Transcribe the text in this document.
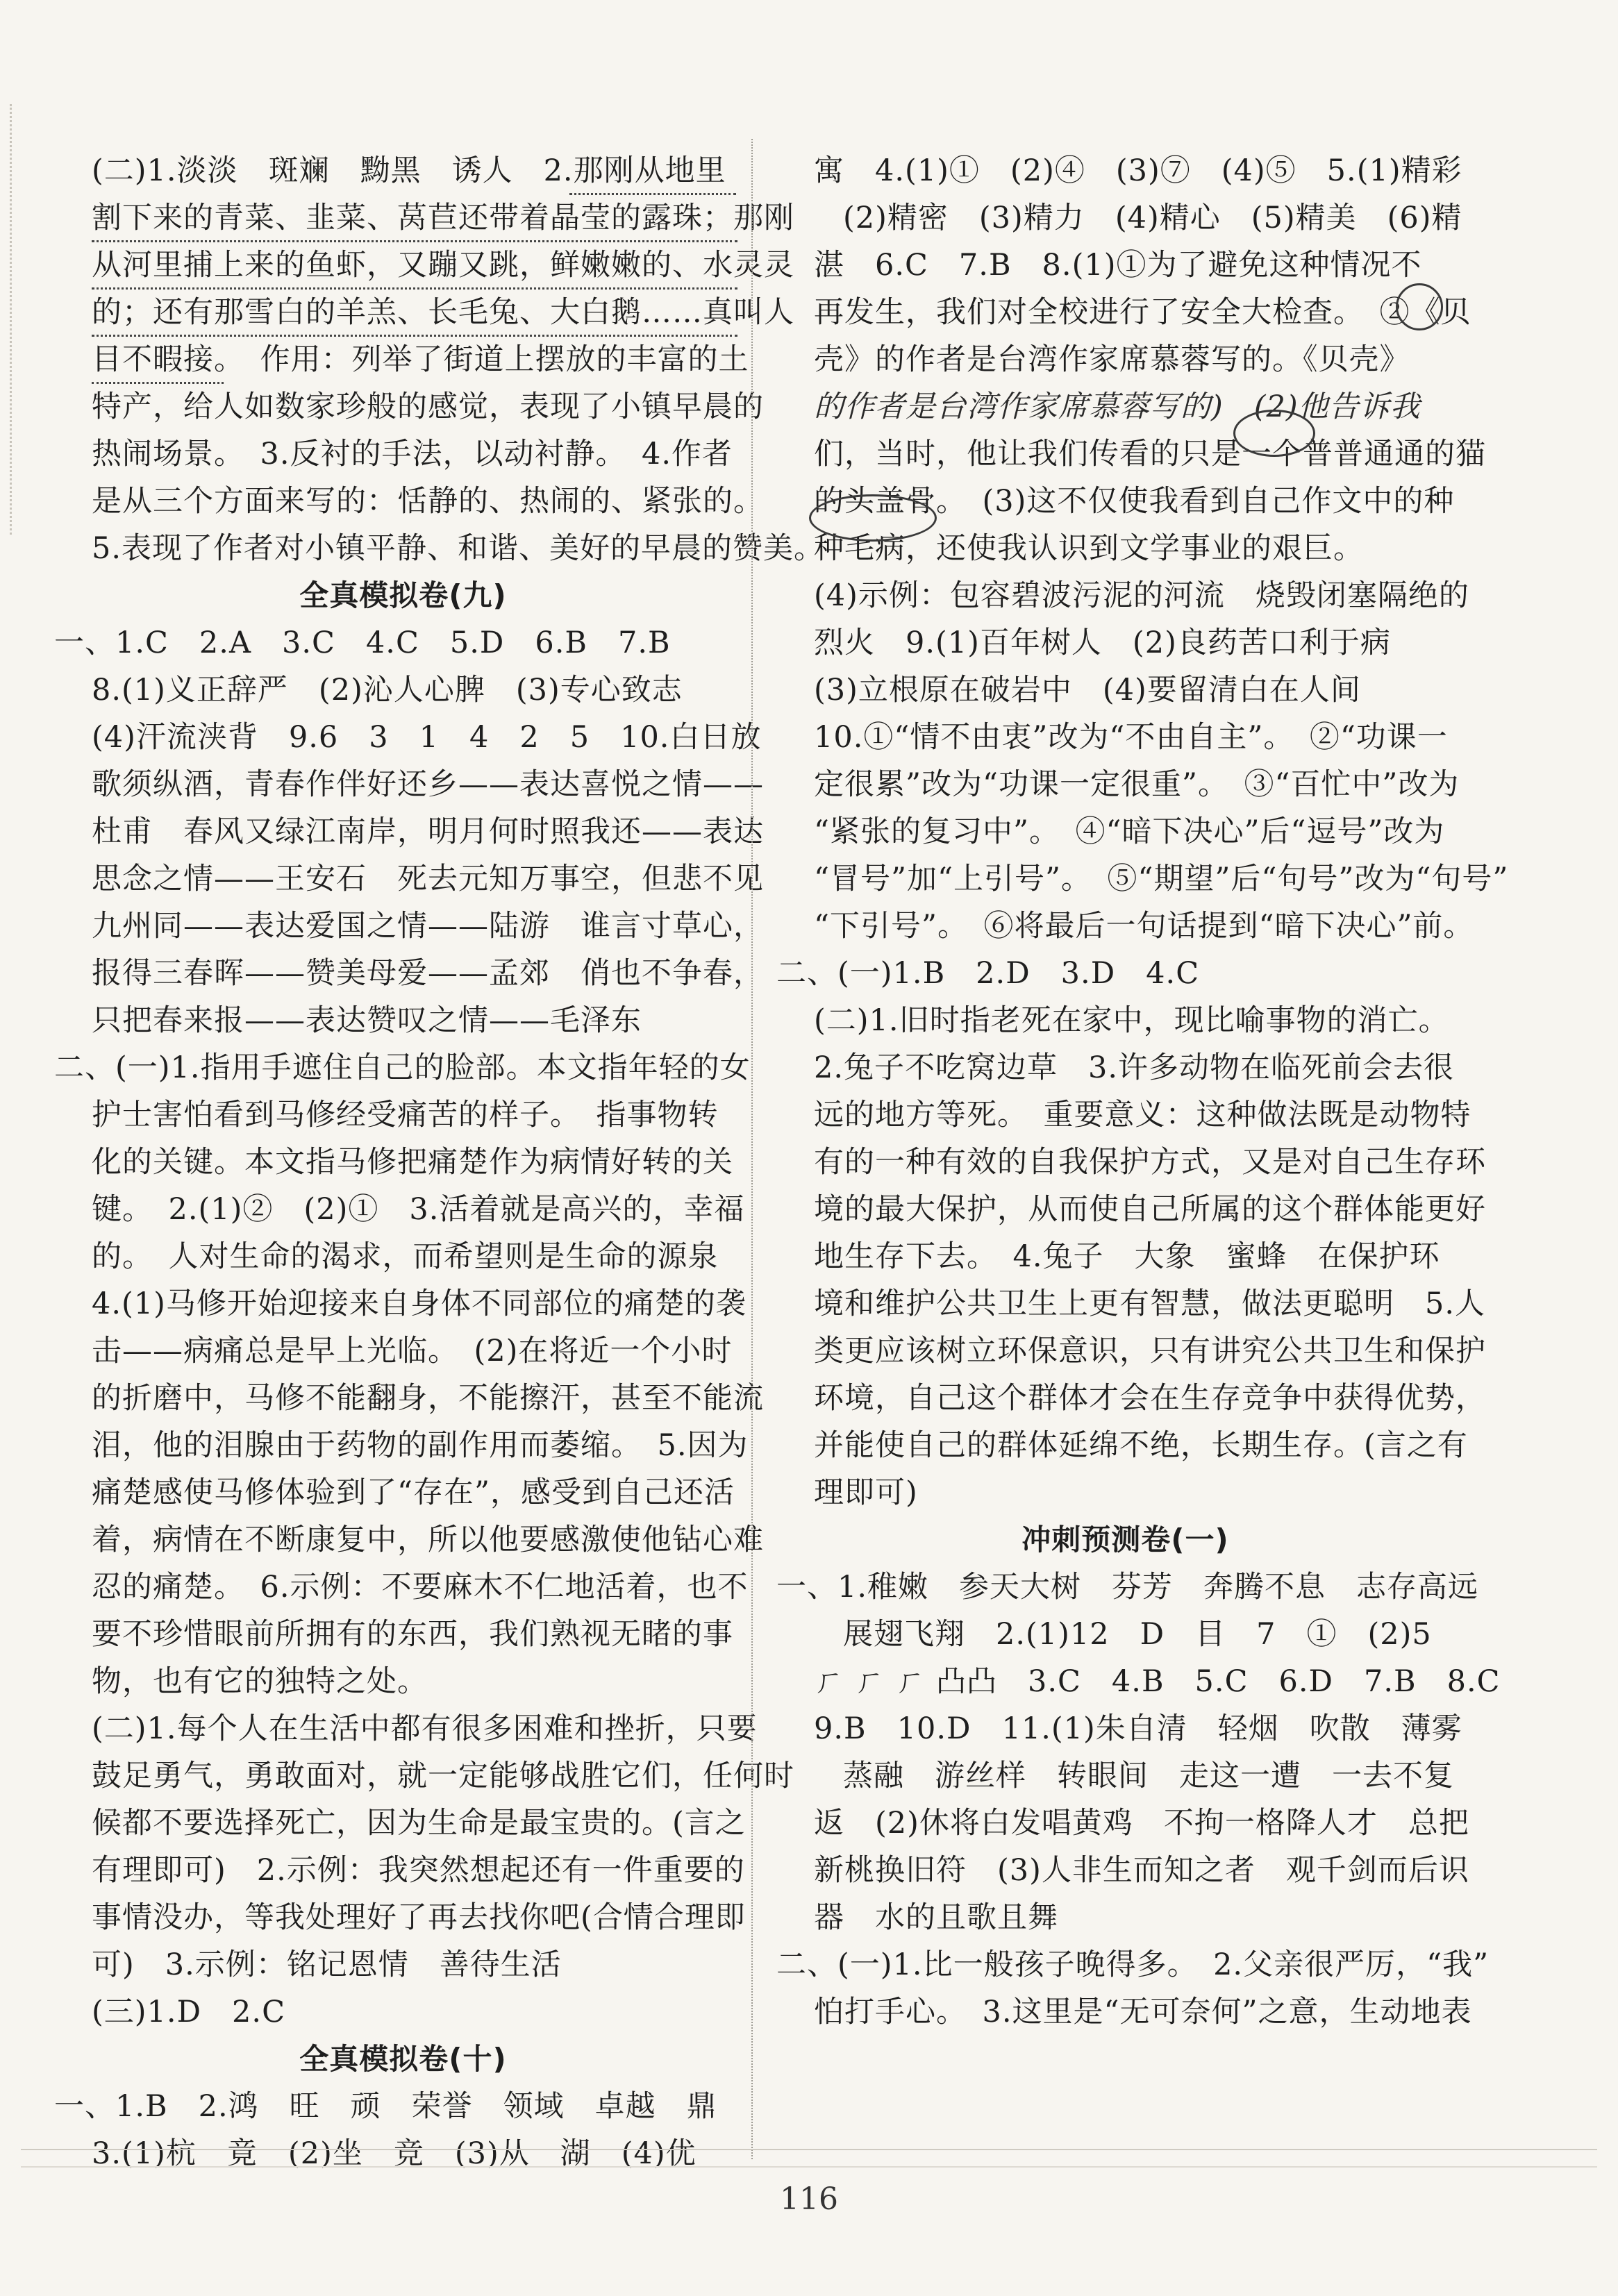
(二)1.淡淡　斑斓　黝黑　诱人　2.那刚从地里
割下来的青菜、韭菜、莴苣还带着晶莹的露珠；那刚
从河里捕上来的鱼虾，又蹦又跳，鲜嫩嫩的、水灵灵
的；还有那雪白的羊羔、长毛兔、大白鹅……真叫人
目不暇接。　作用：列举了街道上摆放的丰富的土
特产，给人如数家珍般的感觉，表现了小镇早晨的
热闹场景。　3.反衬的手法，以动衬静。　4.作者
是从三个方面来写的：恬静的、热闹的、紧张的。
5.表现了作者对小镇平静、和谐、美好的早晨的赞美。
全真模拟卷(九)
一、1.C　2.A　3.C　4.C　5.D　6.B　7.B
8.(1)义正辞严　(2)沁人心脾　(3)专心致志
(4)汗流浃背　9.6　3　1　4　2　5　10.白日放
歌须纵酒，青春作伴好还乡——表达喜悦之情——
杜甫　春风又绿江南岸，明月何时照我还——表达
思念之情——王安石　死去元知万事空，但悲不见
九州同——表达爱国之情——陆游　谁言寸草心，
报得三春晖——赞美母爱——孟郊　俏也不争春，
只把春来报——表达赞叹之情——毛泽东
二、(一)1.指用手遮住自己的脸部。本文指年轻的女
护士害怕看到马修经受痛苦的样子。　指事物转
化的关键。本文指马修把痛楚作为病情好转的关
键。　2.(1)②　(2)①　3.活着就是高兴的，幸福
的。　人对生命的渴求，而希望则是生命的源泉
4.(1)马修开始迎接来自身体不同部位的痛楚的袭
击——病痛总是早上光临。　(2)在将近一个小时
的折磨中，马修不能翻身，不能擦汗，甚至不能流
泪，他的泪腺由于药物的副作用而萎缩。　5.因为
痛楚感使马修体验到了“存在”，感受到自己还活
着，病情在不断康复中，所以他要感激使他钻心难
忍的痛楚。　6.示例：不要麻木不仁地活着，也不
要不珍惜眼前所拥有的东西，我们熟视无睹的事
物，也有它的独特之处。
(二)1.每个人在生活中都有很多困难和挫折，只要
鼓足勇气，勇敢面对，就一定能够战胜它们，任何时
候都不要选择死亡，因为生命是最宝贵的。(言之
有理即可)　2.示例：我突然想起还有一件重要的
事情没办，等我处理好了再去找你吧(合情合理即
可)　3.示例：铭记恩情　善待生活
(三)1.D　2.C
全真模拟卷(十)
一、1.B　2.鸿　旺　顽　荣誉　领域　卓越　鼎
3.(1)杭　竟　(2)坐　竞　(3)从　湖　(4)优
寓　4.(1)①　(2)④　(3)⑦　(4)⑤　5.(1)精彩
(2)精密　(3)精力　(4)精心　(5)精美　(6)精
湛　6.C　7.B　8.(1)①为了避免这种情况不
再发生，我们对全校进行了安全大检查。　②《贝
壳》的作者是台湾作家席慕蓉写的。《贝壳》
的作者是台湾作家席慕蓉写的)　(2)他告诉我
们，当时，他让我们传看的只是一个普普通通的猫
的头盖骨。　(3)这不仅使我看到自己作文中的种
种毛病，还使我认识到文学事业的艰巨。
(4)示例：包容碧波污泥的河流　烧毁闭塞隔绝的
烈火　9.(1)百年树人　(2)良药苦口利于病
(3)立根原在破岩中　(4)要留清白在人间
10.①“情不由衷”改为“不由自主”。　②“功课一
定很累”改为“功课一定很重”。　③“百忙中”改为
“紧张的复习中”。　④“暗下决心”后“逗号”改为
“冒号”加“上引号”。　⑤“期望”后“句号”改为“句号”
“下引号”。　⑥将最后一句话提到“暗下决心”前。
二、(一)1.B　2.D　3.D　4.C
(二)1.旧时指老死在家中，现比喻事物的消亡。
2.兔子不吃窝边草　3.许多动物在临死前会去很
远的地方等死。　重要意义：这种做法既是动物特
有的一种有效的自我保护方式，又是对自己生存环
境的最大保护，从而使自己所属的这个群体能更好
地生存下去。　4.兔子　大象　蜜蜂　在保护环
境和维护公共卫生上更有智慧，做法更聪明　5.人
类更应该树立环保意识，只有讲究公共卫生和保护
环境，自己这个群体才会在生存竞争中获得优势，
并能使自己的群体延绵不绝，长期生存。(言之有
理即可)
冲刺预测卷(一)
一、1.稚嫩　参天大树　芬芳　奔腾不息　志存高远
展翅飞翔　2.(1)12　D　目　7　①　(2)5
ㄏ ㄏ ㄏ 凸凸　3.C　4.B　5.C　6.D　7.B　8.C
9.B　10.D　11.(1)朱自清　轻烟　吹散　薄雾
蒸融　游丝样　转眼间　走这一遭　一去不复
返　(2)休将白发唱黄鸡　不拘一格降人才　总把
新桃换旧符　(3)人非生而知之者　观千剑而后识
器　水的且歌且舞
二、(一)1.比一般孩子晚得多。　2.父亲很严厉，“我”
怕打手心。　3.这里是“无可奈何”之意，生动地表
116
